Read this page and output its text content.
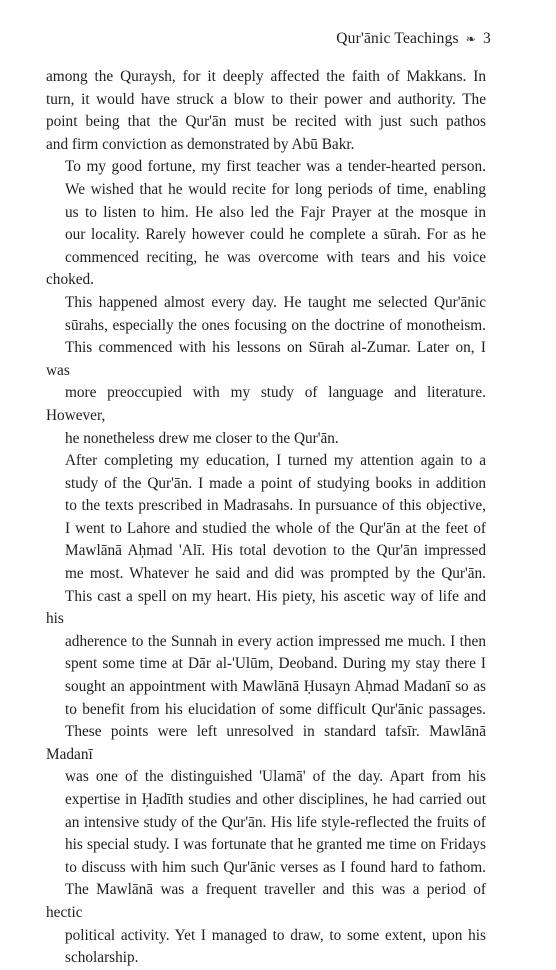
Qur'ānic Teachings ❧ 3

among the Quraysh, for it deeply affected the faith of Makkans. In
turn, it would have struck a blow to their power and authority. The
point being that the Qur'ān must be recited with just such pathos
and firm conviction as demonstrated by Abū Bakr.

To my good fortune, my first teacher was a tender-hearted person.
We wished that he would recite for long periods of time, enabling
us to listen to him. He also led the Fajr Prayer at the mosque in
our locality. Rarely however could he complete a sūrah. For as he
commenced reciting, he was overcome with tears and his voice choked.
This happened almost every day. He taught me selected Qur'ānic
sūrahs, especially the ones focusing on the doctrine of monotheism.
This commenced with his lessons on Sūrah al-Zumar. Later on, I was
more preoccupied with my study of language and literature. However,
he nonetheless drew me closer to the Qur'ān.

After completing my education, I turned my attention again to a
study of the Qur'ān. I made a point of studying books in addition
to the texts prescribed in Madrasahs. In pursuance of this objective,
I went to Lahore and studied the whole of the Qur'ān at the feet of
Mawlānā Aḥmad 'Alī. His total devotion to the Qur'ān impressed
me most. Whatever he said and did was prompted by the Qur'ān.
This cast a spell on my heart. His piety, his ascetic way of life and his
adherence to the Sunnah in every action impressed me much. I then
spent some time at Dār al-'Ulūm, Deoband. During my stay there I
sought an appointment with Mawlānā Ḥusayn Aḥmad Madanī so as
to benefit from his elucidation of some difficult Qur'ānic passages.
These points were left unresolved in standard tafsīr. Mawlānā Madanī
was one of the distinguished 'Ulamā' of the day. Apart from his
expertise in Ḥadīth studies and other disciplines, he had carried out
an intensive study of the Qur'ān. His life style-reflected the fruits of
his special study. I was fortunate that he granted me time on Fridays
to discuss with him such Qur'ānic verses as I found hard to fathom.
The Mawlānā was a frequent traveller and this was a period of hectic
political activity. Yet I managed to draw, to some extent, upon his
scholarship.
